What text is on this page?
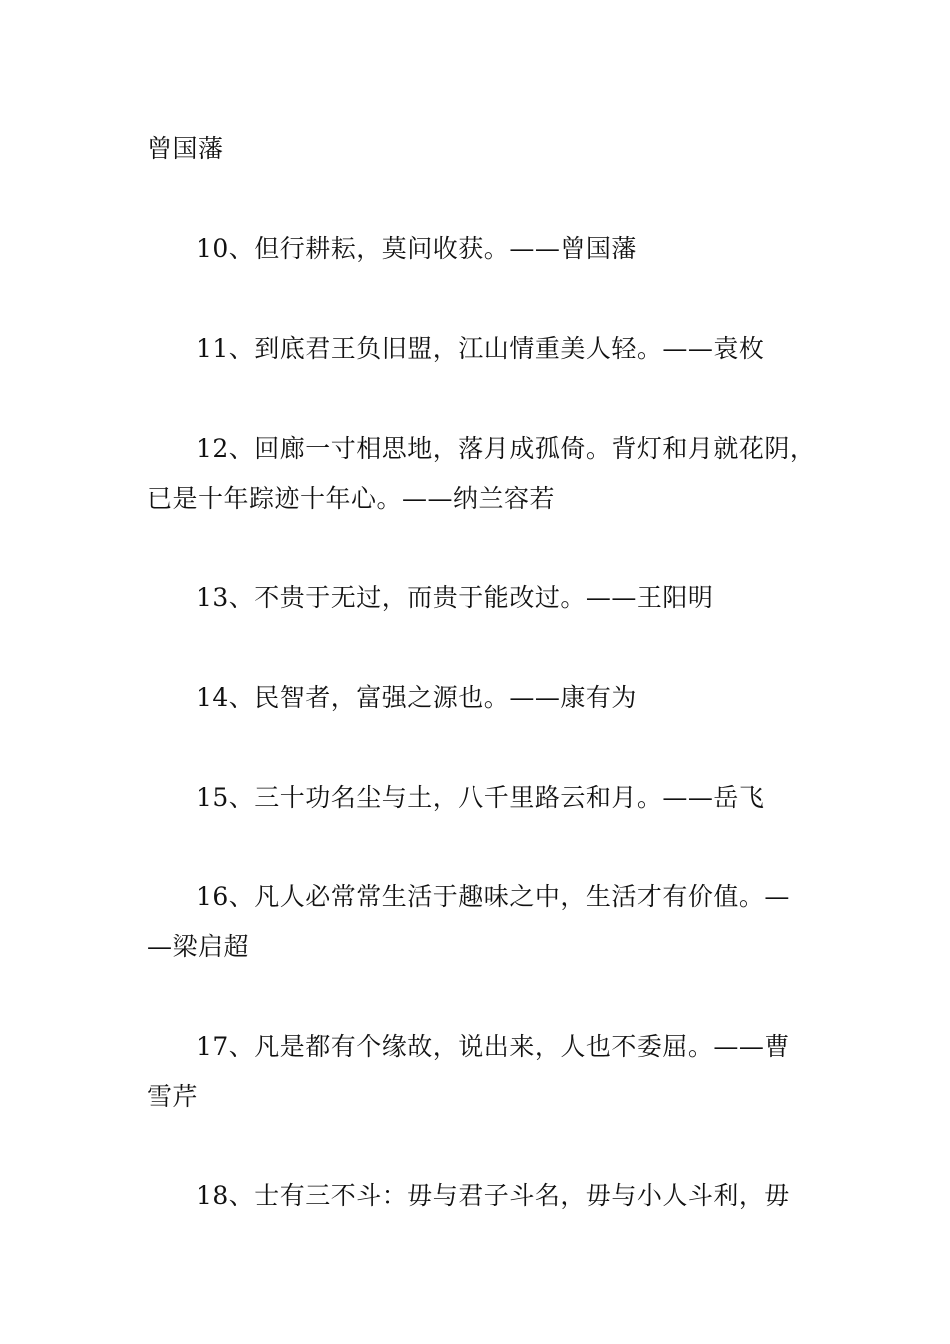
曾国藩
10、但行耕耘，莫问收获。——曾国藩
11、到底君王负旧盟，江山情重美人轻。——袁枚
12、回廊一寸相思地，落月成孤倚。背灯和月就花阴，
已是十年踪迹十年心。——纳兰容若
13、不贵于无过，而贵于能改过。——王阳明
14、民智者，富强之源也。——康有为
15、三十功名尘与土，八千里路云和月。——岳飞
16、凡人必常常生活于趣味之中，生活才有价值。—
—梁启超
17、凡是都有个缘故，说出来，人也不委屈。——曹
雪芹
18、士有三不斗：毋与君子斗名，毋与小人斗利，毋
